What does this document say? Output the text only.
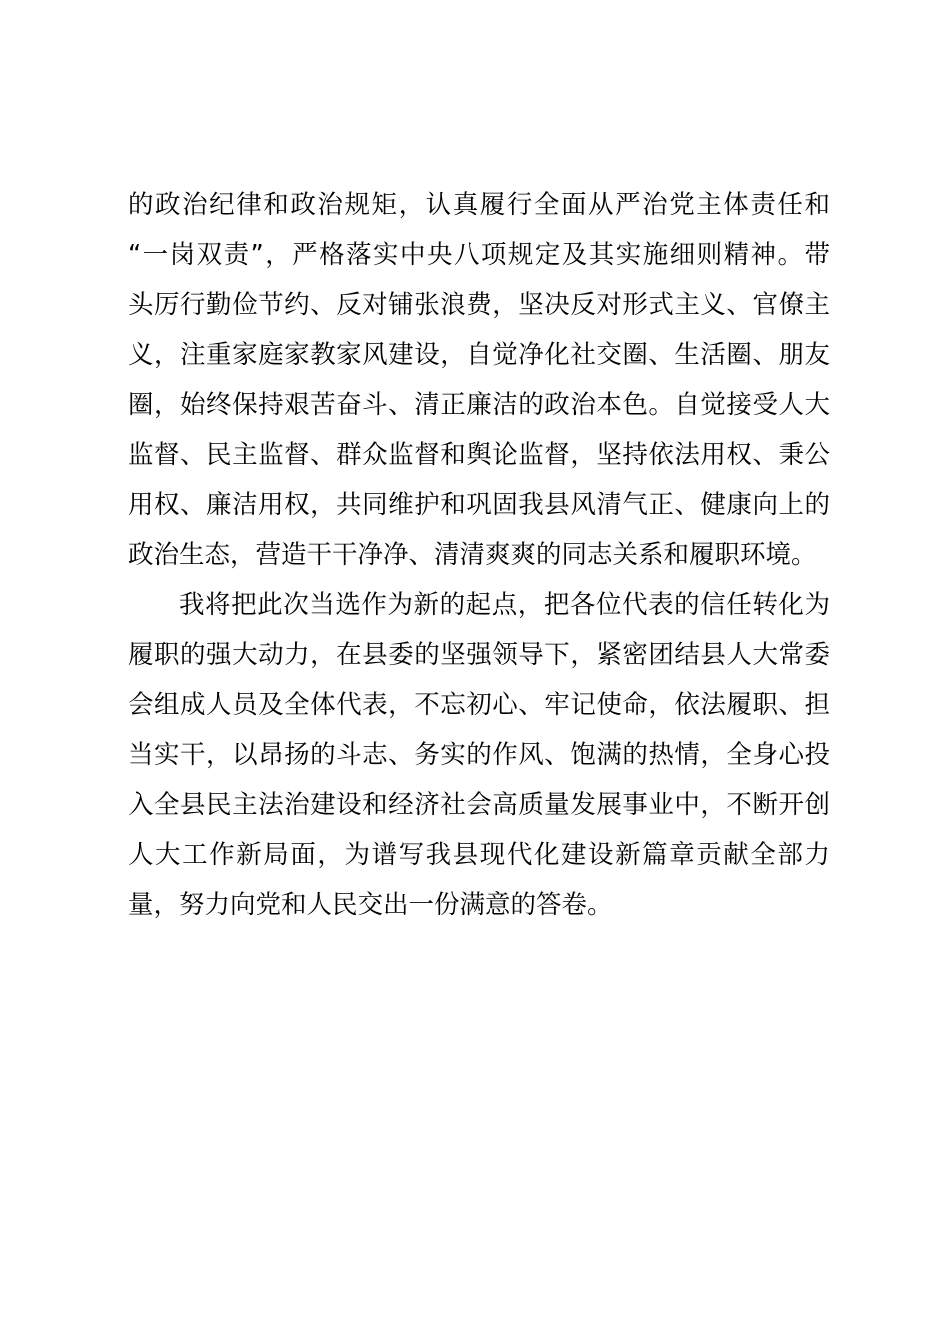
的政治纪律和政治规矩，认真履行全面从严治党主体责任和
“一岗双责”，严格落实中央八项规定及其实施细则精神。带
头厉行勤俭节约、反对铺张浪费，坚决反对形式主义、官僚主
义，注重家庭家教家风建设，自觉净化社交圈、生活圈、朋友
圈，始终保持艰苦奋斗、清正廉洁的政治本色。自觉接受人大
监督、民主监督、群众监督和舆论监督，坚持依法用权、秉公
用权、廉洁用权，共同维护和巩固我县风清气正、健康向上的
政治生态，营造干干净净、清清爽爽的同志关系和履职环境。
我将把此次当选作为新的起点，把各位代表的信任转化为
履职的强大动力，在县委的坚强领导下，紧密团结县人大常委
会组成人员及全体代表，不忘初心、牢记使命，依法履职、担
当实干，以昂扬的斗志、务实的作风、饱满的热情，全身心投
入全县民主法治建设和经济社会高质量发展事业中，不断开创
人大工作新局面，为谱写我县现代化建设新篇章贡献全部力
量，努力向党和人民交出一份满意的答卷。
